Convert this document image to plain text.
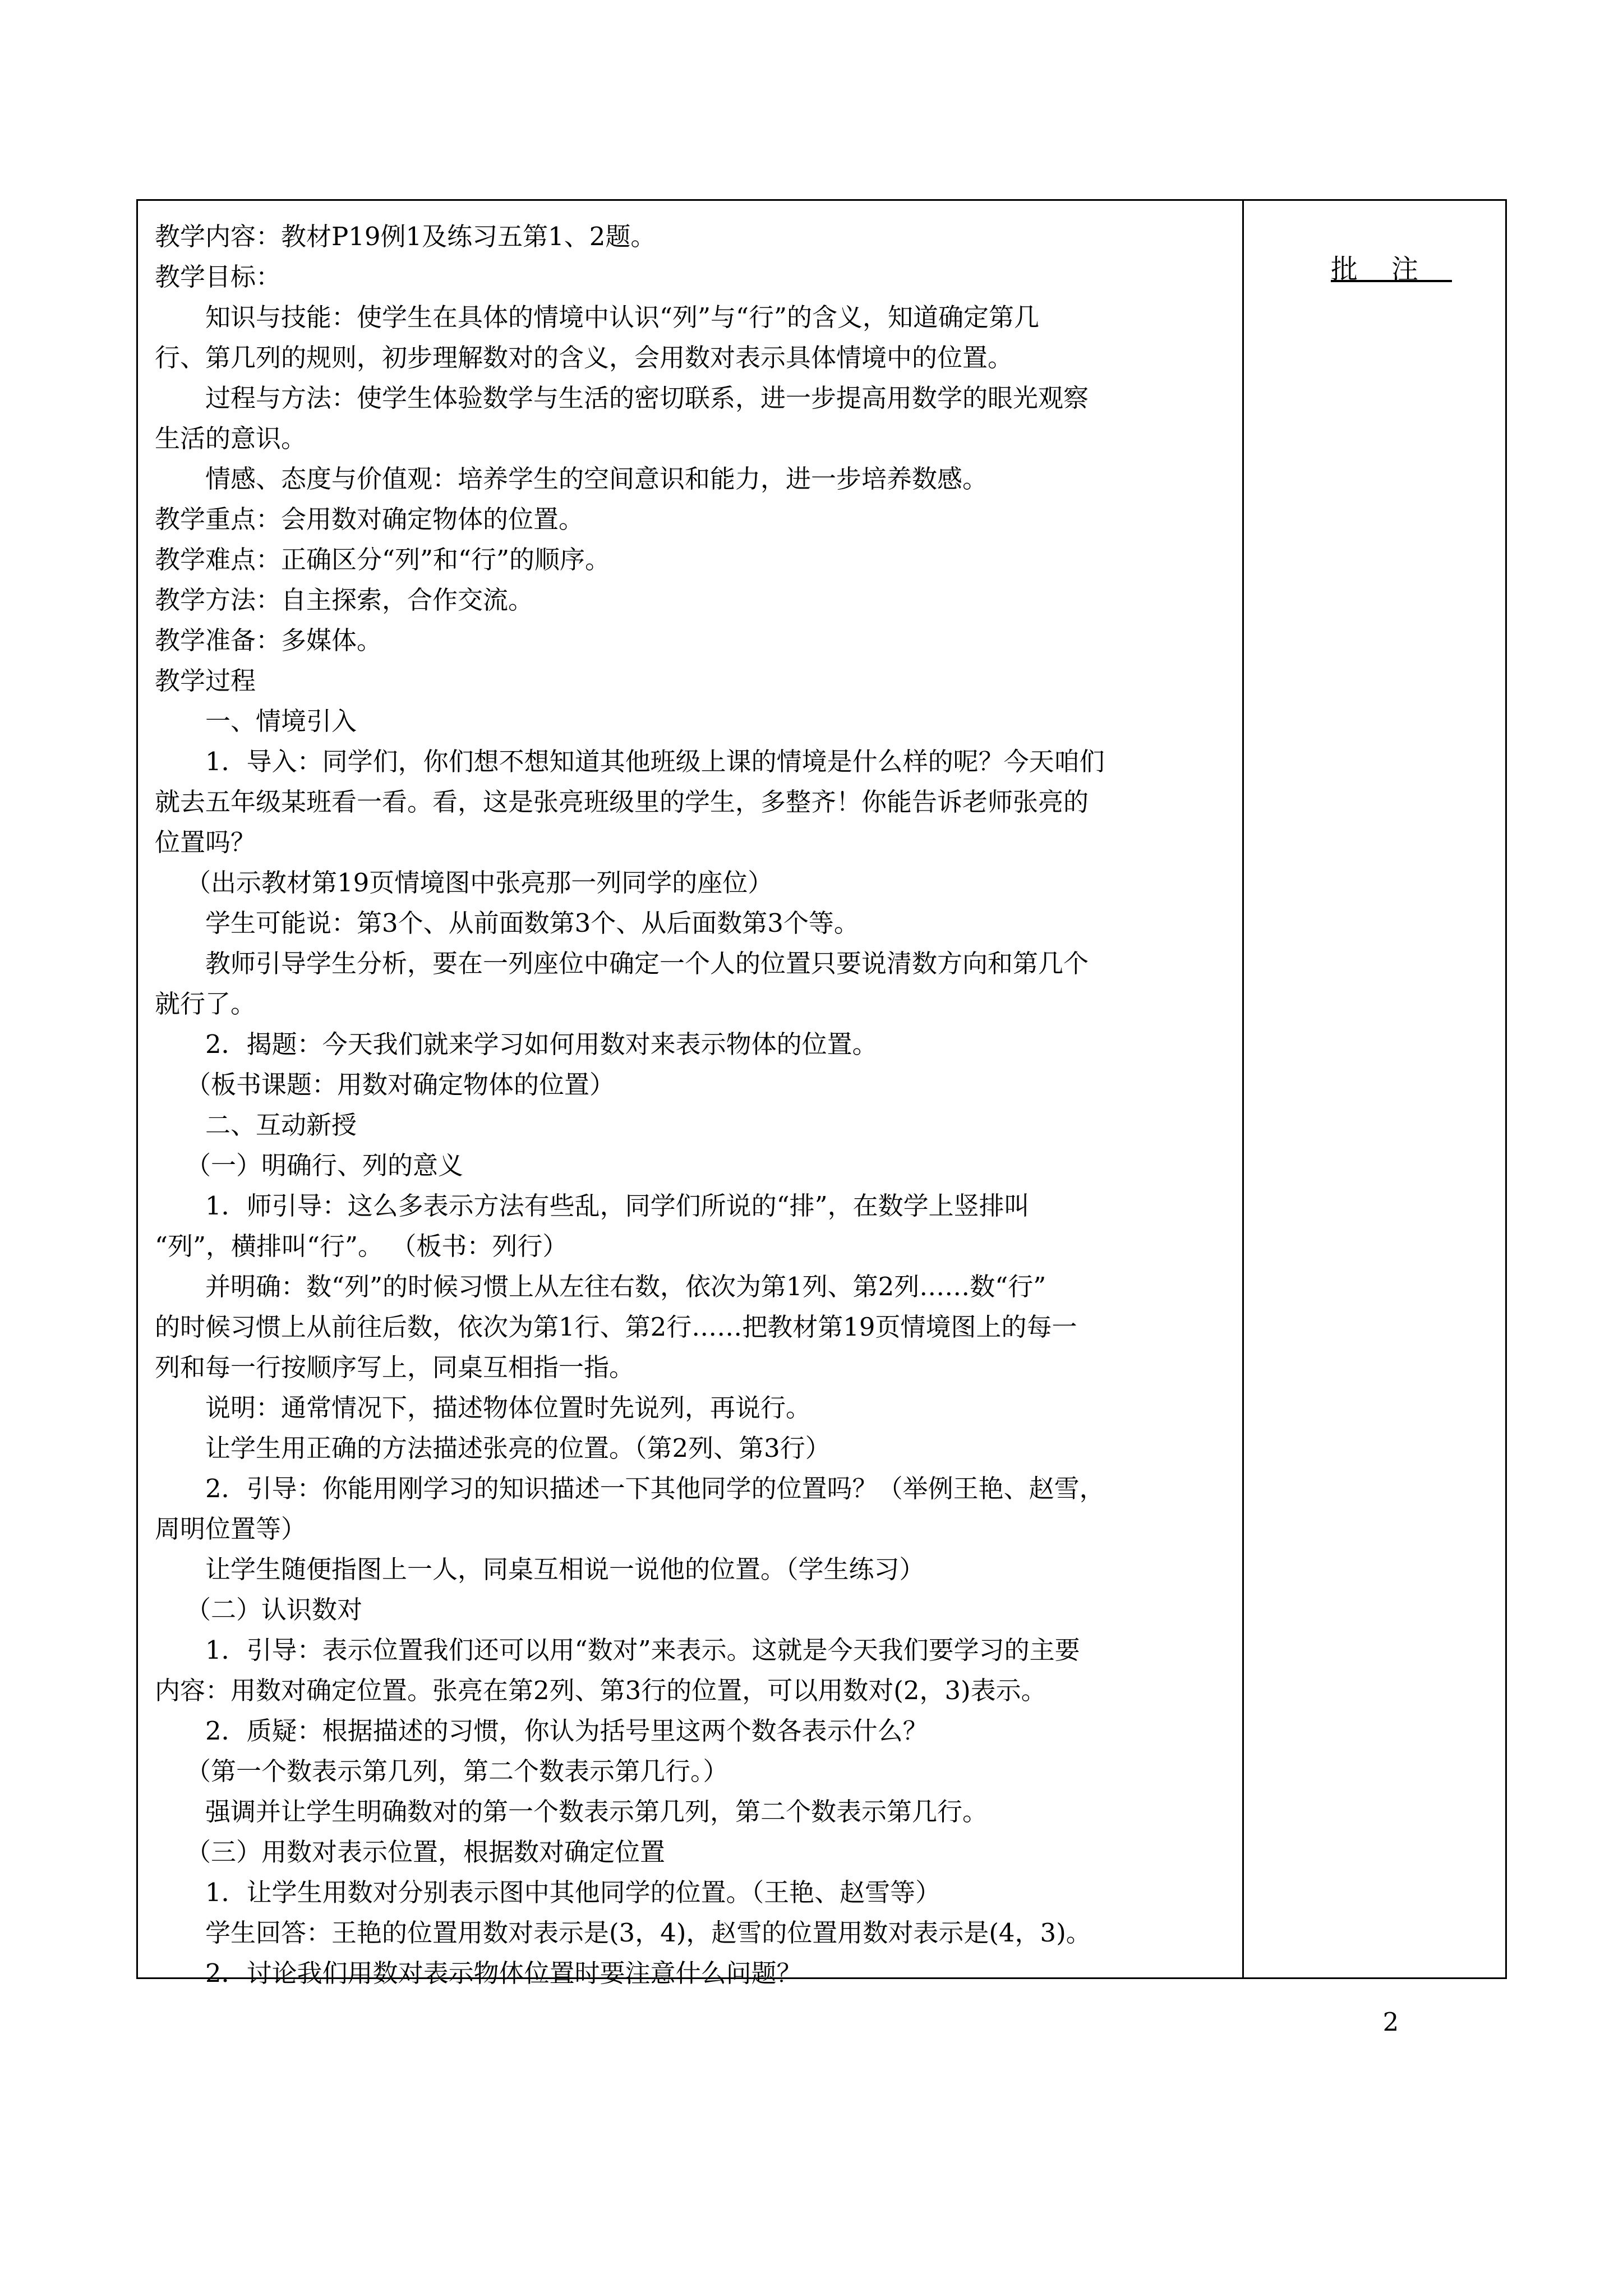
教学内容：教材P19例1及练习五第1、2题。
教学目标：
知识与技能：使学生在具体的情境中认识“列”与“行”的含义，知道确定第几
行、第几列的规则，初步理解数对的含义，会用数对表示具体情境中的位置。
过程与方法：使学生体验数学与生活的密切联系，进一步提高用数学的眼光观察
生活的意识。
情感、态度与价值观：培养学生的空间意识和能力，进一步培养数感。
教学重点：会用数对确定物体的位置。
教学难点：正确区分“列”和“行”的顺序。
教学方法：自主探索，合作交流。
教学准备：多媒体。
教学过程
一、情境引入
1．导入：同学们，你们想不想知道其他班级上课的情境是什么样的呢？今天咱们
就去五年级某班看一看。看，这是张亮班级里的学生，多整齐！你能告诉老师张亮的
位置吗？
（出示教材第19页情境图中张亮那一列同学的座位）
学生可能说：第3个、从前面数第3个、从后面数第3个等。
教师引导学生分析，要在一列座位中确定一个人的位置只要说清数方向和第几个
就行了。
2．揭题：今天我们就来学习如何用数对来表示物体的位置。
（板书课题：用数对确定物体的位置）
二、互动新授
（一）明确行、列的意义
1．师引导：这么多表示方法有些乱，同学们所说的“排”，在数学上竖排叫
“列”，横排叫“行”。 （板书：列行）
并明确：数“列”的时候习惯上从左往右数，依次为第1列、第2列……数“行”
的时候习惯上从前往后数，依次为第1行、第2行……把教材第19页情境图上的每一
列和每一行按顺序写上，同桌互相指一指。
说明：通常情况下，描述物体位置时先说列，再说行。
让学生用正确的方法描述张亮的位置。（第2列、第3行）
2．引导：你能用刚学习的知识描述一下其他同学的位置吗？（举例王艳、赵雪，
周明位置等）
让学生随便指图上一人，同桌互相说一说他的位置。（学生练习）
（二）认识数对
1．引导：表示位置我们还可以用“数对”来表示。这就是今天我们要学习的主要
内容：用数对确定位置。张亮在第2列、第3行的位置，可以用数对(2，3)表示。
2．质疑：根据描述的习惯，你认为括号里这两个数各表示什么？
（第一个数表示第几列，第二个数表示第几行。）
强调并让学生明确数对的第一个数表示第几列，第二个数表示第几行。
（三）用数对表示位置，根据数对确定位置
1．让学生用数对分别表示图中其他同学的位置。（王艳、赵雪等）
学生回答：王艳的位置用数对表示是(3，4)，赵雪的位置用数对表示是(4，3)。
2．讨论我们用数对表示物体位置时要注意什么问题？
批注
2
